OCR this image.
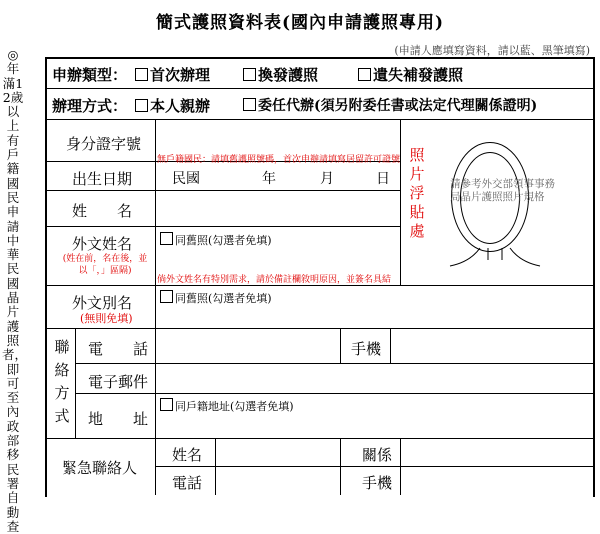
簡式護照資料表(國內申請護照專用)
(申請人應填寫資料，請以藍、黑筆填寫)
◎年滿12歲以上有戶籍國民申請中華民國晶片護照者，即可至內政部移民署自動查
申辦類型：	首次辦理	換發護照	遺失補發護照
辦理方式：	本人親辦	委任代辦(須另附委任書或法定代理關係證明)
身分證字號
無戶籍國民：請填舊護照號碼，首次申辦請填寫居留許可證號
出生日期	民國	年	月	日
姓　　名
外文姓名
(姓在前，名在後，並以「，」區隔)
同舊照(勾選者免填)
倘外文姓名有特別需求，請於備註欄敘明原因，並簽名具結
照片浮貼處
請參考外交部領事事務局晶片護照照片規格
外文別名
(無則免填)
同舊照(勾選者免填)
聯絡方式
電　　話	手機
電子郵件
地　　址
同戶籍地址(勾選者免填)
緊急聯絡人
姓名	關係
電話	手機
